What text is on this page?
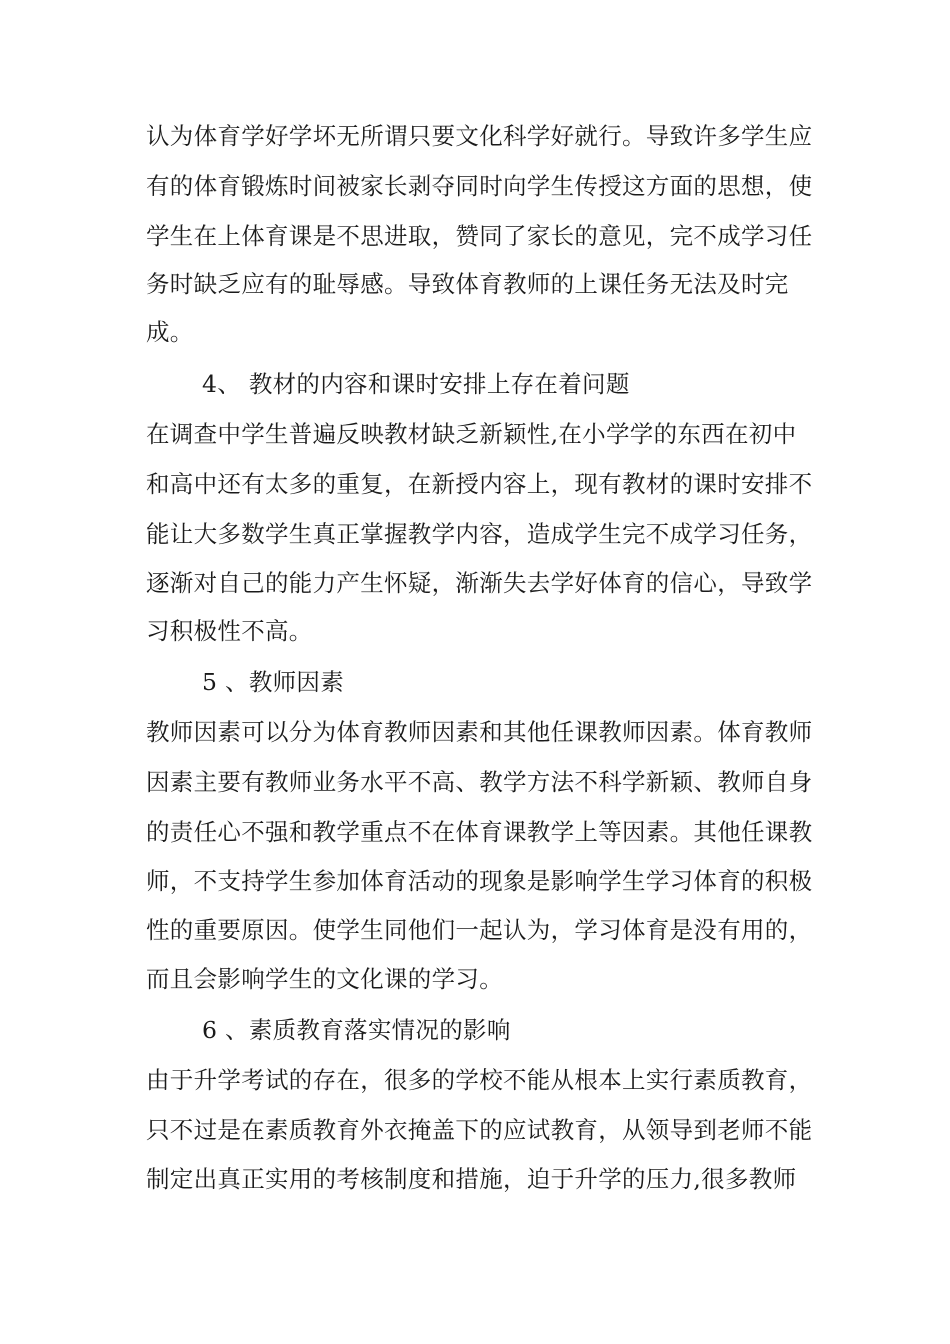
认为体育学好学坏无所谓只要文化科学好就行。导致许多学生应
有的体育锻炼时间被家长剥夺同时向学生传授这方面的思想，使
学生在上体育课是不思进取，赞同了家长的意见，完不成学习任
务时缺乏应有的耻辱感。导致体育教师的上课任务无法及时完
成。
4、 教材的内容和课时安排上存在着问题
在调查中学生普遍反映教材缺乏新颖性,在小学学的东西在初中
和高中还有太多的重复，在新授内容上，现有教材的课时安排不
能让大多数学生真正掌握教学内容，造成学生完不成学习任务，
逐渐对自己的能力产生怀疑，渐渐失去学好体育的信心，导致学
习积极性不高。
5 、教师因素
教师因素可以分为体育教师因素和其他任课教师因素。体育教师
因素主要有教师业务水平不高、教学方法不科学新颖、教师自身
的责任心不强和教学重点不在体育课教学上等因素。其他任课教
师，不支持学生参加体育活动的现象是影响学生学习体育的积极
性的重要原因。使学生同他们一起认为，学习体育是没有用的，
而且会影响学生的文化课的学习。
6 、素质教育落实情况的影响
由于升学考试的存在，很多的学校不能从根本上实行素质教育，
只不过是在素质教育外衣掩盖下的应试教育，从领导到老师不能
制定出真正实用的考核制度和措施，迫于升学的压力,很多教师
